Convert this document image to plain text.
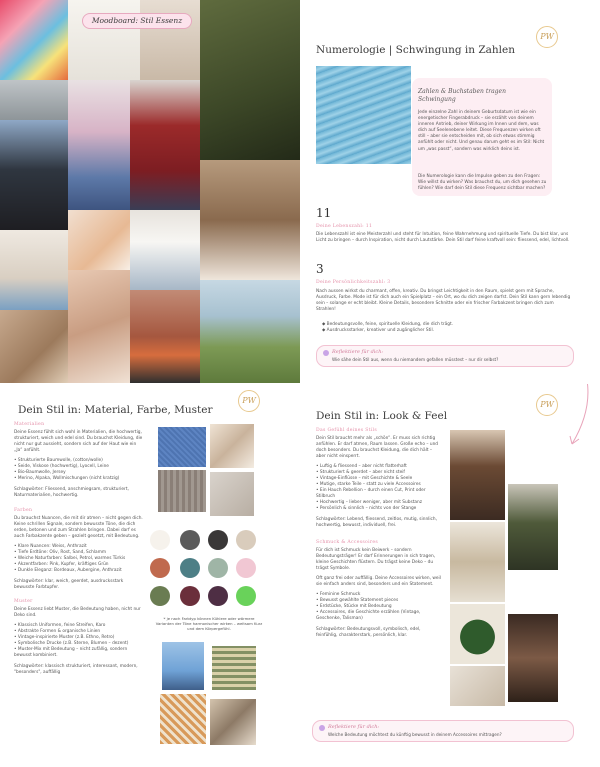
Moodboard: Stil Essenz
PW
Numerologie | Schwingung in Zahlen
Zahlen & Buchstaben tragen Schwingung
Jede einzelne Zahl in deinem Geburtsdatum ist wie ein energetischer Fingerabdruck – sie erzählt von deinem inneren Antrieb, deiner Wirkung im Innen und dem, was dich auf Seelenebene leitet. Diese Frequenzen wirken oft still – aber sie entscheiden mit, ob sich etwas stimmig anfühlt oder nicht. Und genau darum geht es im Stil: Nicht um „was passt“, sondern was wirklich deins ist.
Die Numerologie kann die Impulse geben zu den Fragen: Wie willst du wirken? Was brauchst du, um dich gesehen zu fühlen? Wie darf dein Stil diese Frequenz sichtbar machen?
11
Deine Lebenszahl: 11
Die Lebenszahl ist eine Meisterzahl und steht für Intuition, feine Wahrnehmung und spirituelle Tiefe. Du bist klar, uns Licht zu bringen – durch Inspiration, nicht durch Lautstärke. Dein Stil darf feine kraftvoll sein: fliessend, edel, lichtvoll.
3
Deine Persönlichkeitszahl: 3
Nach aussen wirkst du charmant, offen, kreativ. Du bringst Leichtigkeit in den Raum, spielst gern mit Sprache, Ausdruck, Farbe. Mode ist für dich auch ein Spielplatz – ein Ort, wo du dich zeigen darfst. Dein Stil kann gern lebendig sein – solange er echt bleibt. Kleine Details, besondere Schnitte oder ein frischer Farbakzent bringen dich zum Strahlen!
◆ Bedeutungsvolle, feine, spirituelle Kleidung, die dich trägt.
◆ Ausdrucksstarker, kreativer und zugänglicher Stil.
Reflektiere für dich:
Wie sähe dein Stil aus, wenn du niemandem gefallen müsstest – nur dir selbst?
Dein Stil in: Material, Farbe, Muster
PW
Materialien
Deine Essenz fühlt sich wohl in Materialien, die hochwertig, strukturiert, weich und edel sind. Du brauchst Kleidung, die nicht nur gut aussieht, sondern sich auf der Haut wie ein „Ja“ anfühlt.
• Strukturierte Baumwolle, (cotton/wolle)
• Seide, Viskose (hochwertig), Lyocell, Leine
• Bio-Baumwolle, Jersey
• Merino, Alpaka, Wollmischungen (nicht kratzig)
Schlagwörter: Fliessend, anschmiegsam, strukturiert, Naturmaterialien, hochwertig.
Farben
Du brauchst Nuancen, die mit dir atmen – nicht gegen dich. Keine schrillen Signale, sondern bewusste Töne, die dich erden, betonen und zum Strahlen bringen. Dabei darf es auch Farbakzente geben – gezielt gesetzt, mit Bedeutung.
• Klare Nuancen: Weiss, Anthrazit
• Tiefe Erdtöne: Oliv, Rost, Sand, Schlamm
• Weiche Naturfarben: Salbei, Petrol, warmes Türkis
• Akzentfarben: Pink, Kupfer, kräftiges Grün
• Dunkle Eleganz: Bordeaux, Aubergine, Anthrazit
Schlagwörter: klar, weich, geerdet, ausdrucksstark bewusste Farbtupfer.
Muster
Deine Essenz liebt Muster, die Bedeutung haben, nicht nur Deko sind.
• Klassisch Uniformen, feine Streifen, Karo
• Abstrakte Formen & organische Linien
• Vintage-inspirierte Muster (z.B. Ethno, Retro)
• Symbolische Drucke (z.B. Sterne, Blumen – dezent)
• Muster-Mix mit Bedeutung – nicht zufällig, sondern bewusst kombiniert.
Schlagwörter: klassisch strukturiert, interessant, modern, "besonders", auffällig
* je nach Farbtyp können Kühlere oder wärmere Varianten der Töne harmonischer wirken – weitsam Kurz und dem Körpergefühl.
PW
Dein Stil in: Look & Feel
Das Gefühl deines Stils
Dein Stil braucht mehr als „schön“. Er muss sich richtig anfühlen. Er darf atmen, Raum lassen. Große echo – und doch besonders. Du brauchst Kleidung, die dich hält – aber nicht einsperrt.
• Luftig & fliessend – aber nicht flatterhaft
• Strukturiert & geerdet – aber nicht steif
• Vintage-Einflüsse – mit Geschichte & Seele
• Mutige, starke Teile – statt zu viele Accessoires
• Ein Hauch Rebellion – durch einen Cut, Print oder Stilbruch
• Hochwertig – lieber weniger, aber mit Substanz
• Persönlich & sinnlich – nichts von der Stange
Schlagwörter: Lebend, fliessend, zeitlos, mutig, sinnlich, hochwertig, bewusst, individuell, frei.
Schmuck & Accessoires
Für dich ist Schmuck kein Beiwerk – sondern Bedeutungsträger! Er darf Erinnerungen in sich tragen, kleine Geschichten flüstern. Du trägst keine Deko – du trägst Symbole.
Oft ganz frei oder auffällig. Deine Accessoires wirken, weil sie einfach anders sind, besonders und ein Statement.
• Feminine Schmuck
• Bewusst gewählte Statement pieces
• Erdstücke, Stücke mit Bedeutung
• Accessoires, die Geschichte erzählen (Vintage, Geschenke, Talisman)
Schlagwörter: Bedeutungsvoll, symbolisch, edel, feinfühlig, charakterstark, persönlich, klar.
Reflektiere für dich:
Welche Bedeutung möchtest du künftig bewusst in deinem Accessoires mittragen?
